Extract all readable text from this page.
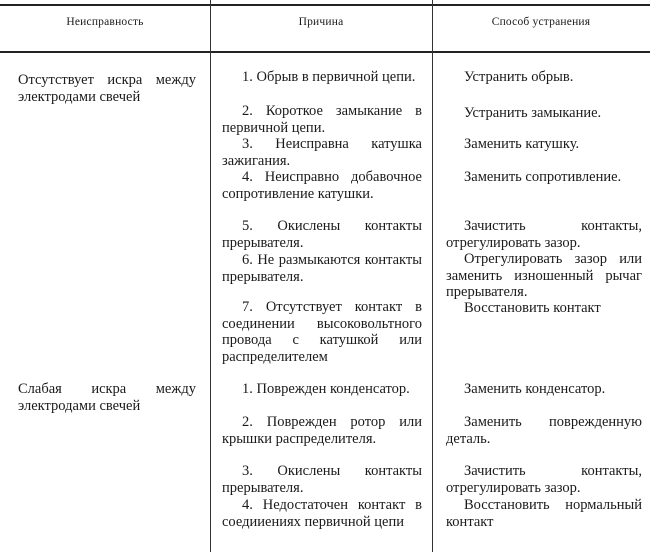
Неисправность	Причина	Способ устранения
Отсутствует искра между электродами свечей
Слабая искра между электродами свечей
1. Обрыв в первичной цепи.
2. Короткое замыкание в первичной цепи.
3. Неисправна катушка зажигания.
4. Неисправно добавочное сопротивление катушки.
5. Окислены контакты прерывателя.
6. Не размыкаются контакты прерывателя.
7. Отсутствует контакт в соединении высоковольтного провода с катушкой или распределителем
1. Поврежден конденсатор.
2. Поврежден ротор или крышки распределителя.
3. Окислены контакты прерывателя.
4. Недостаточен контакт в соедииениях первичной цепи
Устранить обрыв.
Устранить замыкание.
Заменить катушку.
Заменить сопротивление.
Зачистить контакты, отрегулировать зазор.
Отрегулировать зазор или заменить изношенный рычаг прерывателя.
Восстановить контакт
Заменить конденсатор.
Заменить поврежденную деталь.
Зачистить контакты, отрегулировать зазор.
Восстановить нормальный контакт
